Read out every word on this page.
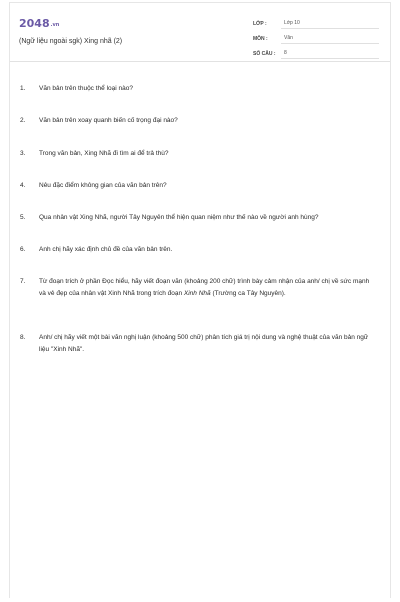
2048.vn
(Ngữ liệu ngoài sgk) Xing nhã (2)
LỚP :	Lớp 10
MÔN :	Văn
SỐ CÂU :	8
1.	Văn bản trên thuộc thể loại nào?
2.	Văn bản trên xoay quanh biến cố trọng đại nào?
3.	Trong văn bản, Xing Nhã đi tìm ai để trả thù?
4.	Nêu đặc điểm không gian của văn bản trên?
5.	Qua nhân vật Xing Nhã, người Tây Nguyên thể hiện quan niệm như thế nào về người anh hùng?
6.	Anh chị hãy xác định chủ đề của văn bản trên.
7.	Từ đoạn trích ở phần Đọc hiểu, hãy viết đoạn văn (khoảng 200 chữ) trình bày cảm nhận của anh/ chị về sức mạnh và vẻ đẹp của nhân vật Xinh Nhã trong trích đoạn Xinh Nhã (Trường ca Tây Nguyên).
8.	Anh/ chị hãy viết một bài văn nghị luận (khoảng 500 chữ) phân tích giá trị nội dung và nghệ thuật của văn bản ngữ liệu "Xinh Nhã".
